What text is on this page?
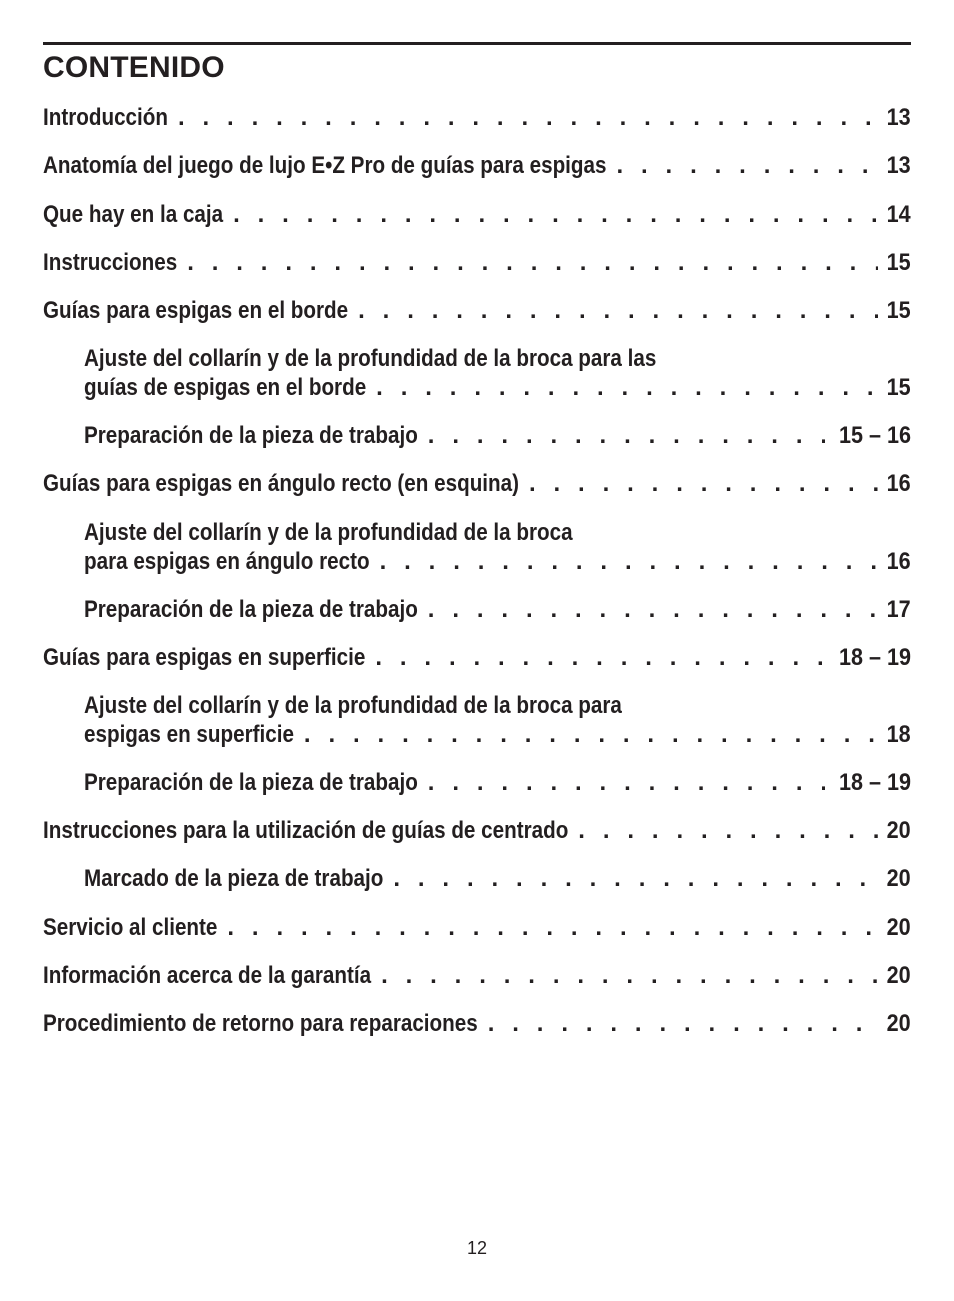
CONTENIDO
Introducción . . .	13
Anatomía del juego de lujo E•Z Pro de guías para espigas . . .	13
Que hay en la caja . . .	14
Instrucciones . . .	15
Guías para espigas en el borde . . .	15
Ajuste del collarín y de la profundidad de la broca para las
guías de espigas en el borde . . .	15
Preparación de la pieza de trabajo . . .	15 – 16
Guías para espigas en ángulo recto (en esquina) . . .	16
Ajuste del collarín y de la profundidad de la broca
para espigas en ángulo recto . . .	16
Preparación de la pieza de trabajo . . .	17
Guías para espigas en superficie . . .	18 – 19
Ajuste del collarín y de la profundidad de la broca para
espigas en superficie . . .	18
Preparación de la pieza de trabajo . . .	18 – 19
Instrucciones para la utilización de guías de centrado . . .	20
Marcado de la pieza de trabajo . . .	20
Servicio al cliente . . .	20
Información acerca de la garantía . . .	20
Procedimiento de retorno para reparaciones . . .	20
12
